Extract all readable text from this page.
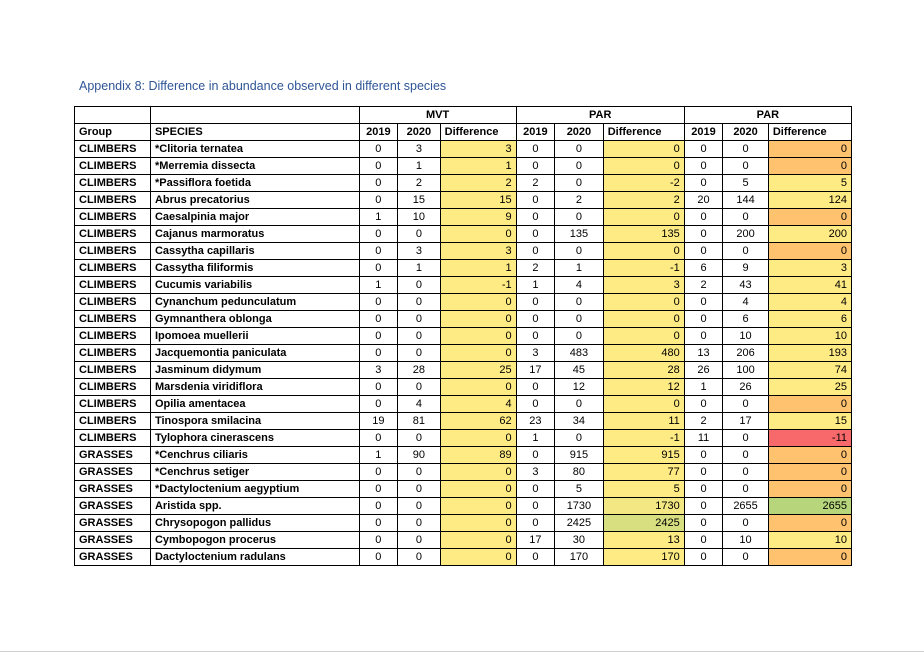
Appendix 8: Difference in abundance observed in different species
		MVT			PAR			PAR		
Group	SPECIES	2019	2020	Difference	2019	2020	Difference	2019	2020	Difference
CLIMBERS	*Clitoria ternatea	0	3	3	0	0	0	0	0	0
CLIMBERS	*Merremia dissecta	0	1	1	0	0	0	0	0	0
CLIMBERS	*Passiflora foetida	0	2	2	2	0	-2	0	5	5
CLIMBERS	Abrus precatorius	0	15	15	0	2	2	20	144	124
CLIMBERS	Caesalpinia major	1	10	9	0	0	0	0	0	0
CLIMBERS	Cajanus marmoratus	0	0	0	0	135	135	0	200	200
CLIMBERS	Cassytha capillaris	0	3	3	0	0	0	0	0	0
CLIMBERS	Cassytha filiformis	0	1	1	2	1	-1	6	9	3
CLIMBERS	Cucumis variabilis	1	0	-1	1	4	3	2	43	41
CLIMBERS	Cynanchum pedunculatum	0	0	0	0	0	0	0	4	4
CLIMBERS	Gymnanthera oblonga	0	0	0	0	0	0	0	6	6
CLIMBERS	Ipomoea muellerii	0	0	0	0	0	0	0	10	10
CLIMBERS	Jacquemontia paniculata	0	0	0	3	483	480	13	206	193
CLIMBERS	Jasminum didymum	3	28	25	17	45	28	26	100	74
CLIMBERS	Marsdenia viridiflora	0	0	0	0	12	12	1	26	25
CLIMBERS	Opilia amentacea	0	4	4	0	0	0	0	0	0
CLIMBERS	Tinospora smilacina	19	81	62	23	34	11	2	17	15
CLIMBERS	Tylophora cinerascens	0	0	0	1	0	-1	11	0	-11
GRASSES	*Cenchrus ciliaris	1	90	89	0	915	915	0	0	0
GRASSES	*Cenchrus setiger	0	0	0	3	80	77	0	0	0
GRASSES	*Dactyloctenium aegyptium	0	0	0	0	5	5	0	0	0
GRASSES	Aristida spp.	0	0	0	0	1730	1730	0	2655	2655
GRASSES	Chrysopogon pallidus	0	0	0	0	2425	2425	0	0	0
GRASSES	Cymbopogon procerus	0	0	0	17	30	13	0	10	10
GRASSES	Dactyloctenium radulans	0	0	0	0	170	170	0	0	0
